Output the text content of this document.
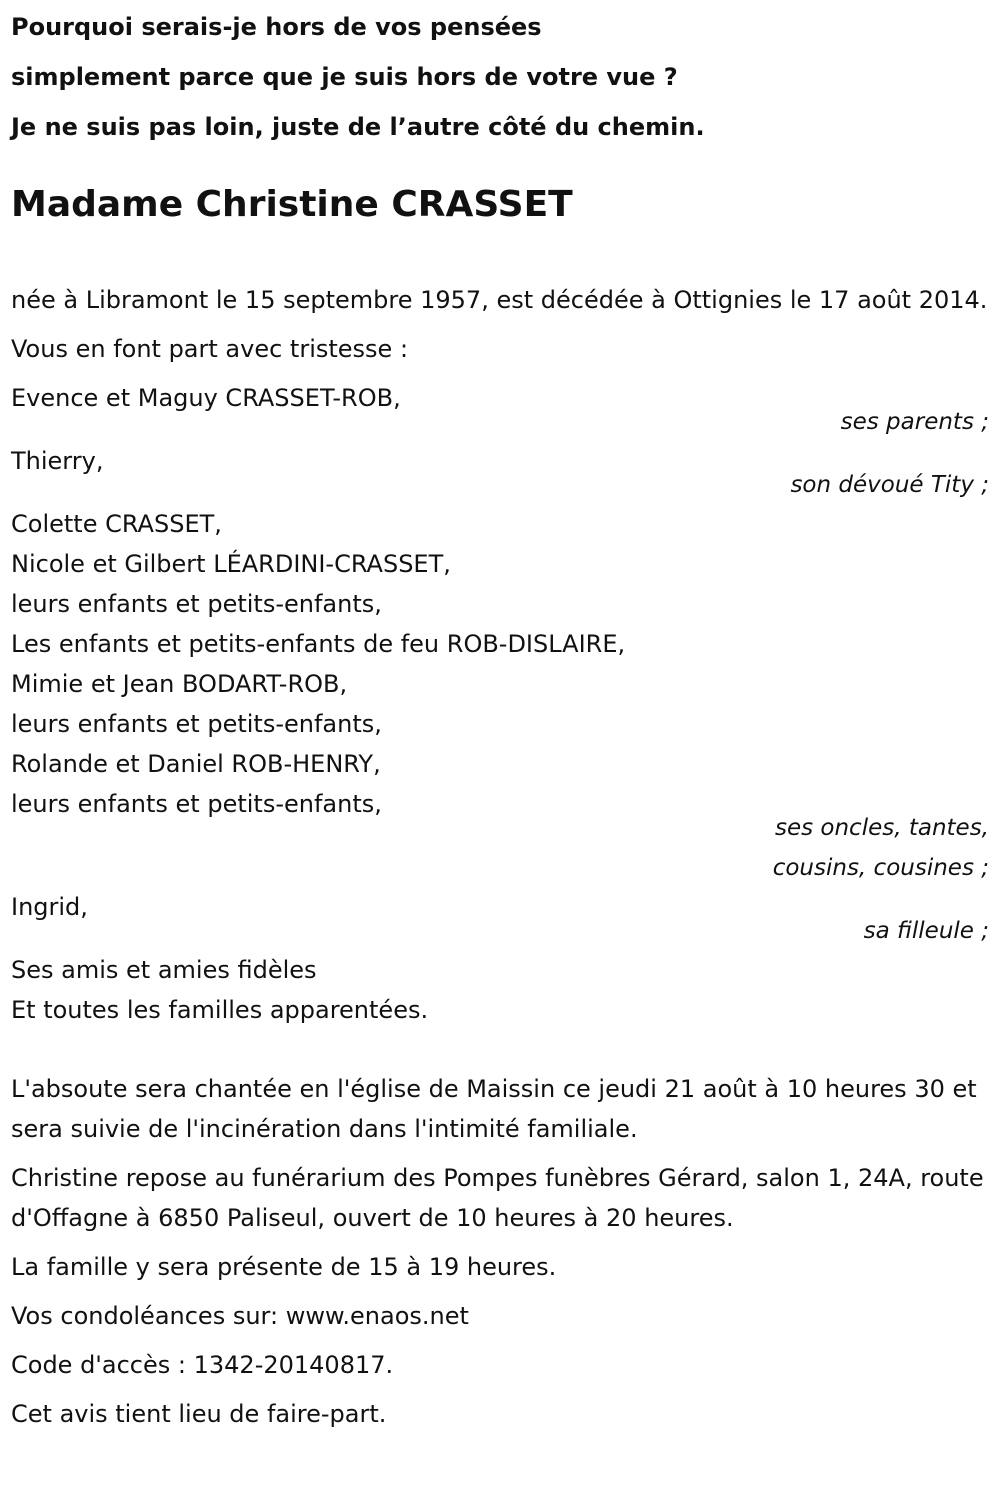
Pourquoi serais-je hors de vos pensées
simplement parce que je suis hors de votre vue ?
Je ne suis pas loin, juste de l’autre côté du chemin.
Madame Christine CRASSET
née à Libramont le 15 septembre 1957, est décédée à Ottignies le 17 août 2014.
Vous en font part avec tristesse :
Evence et Maguy CRASSET-ROB,
ses parents ;
Thierry,
son dévoué Tity ;
Colette CRASSET,
Nicole et Gilbert LÉARDINI-CRASSET,
leurs enfants et petits-enfants,
Les enfants et petits-enfants de feu ROB-DISLAIRE,
Mimie et Jean BODART-ROB,
leurs enfants et petits-enfants,
Rolande et Daniel ROB-HENRY,
leurs enfants et petits-enfants,
ses oncles, tantes,
cousins, cousines ;
Ingrid,
sa filleule ;
Ses amis et amies fidèles
Et toutes les familles apparentées.
L'absoute sera chantée en l'église de Maissin ce jeudi 21 août à 10 heures 30 et sera suivie de l'incinération dans l'intimité familiale.
Christine repose au funérarium des Pompes funèbres Gérard, salon 1, 24A, route d'Offagne à 6850 Paliseul, ouvert de 10 heures à 20 heures.
La famille y sera présente de 15 à 19 heures.
Vos condoléances sur: www.enaos.net
Code d'accès : 1342-20140817.
Cet avis tient lieu de faire-part.
